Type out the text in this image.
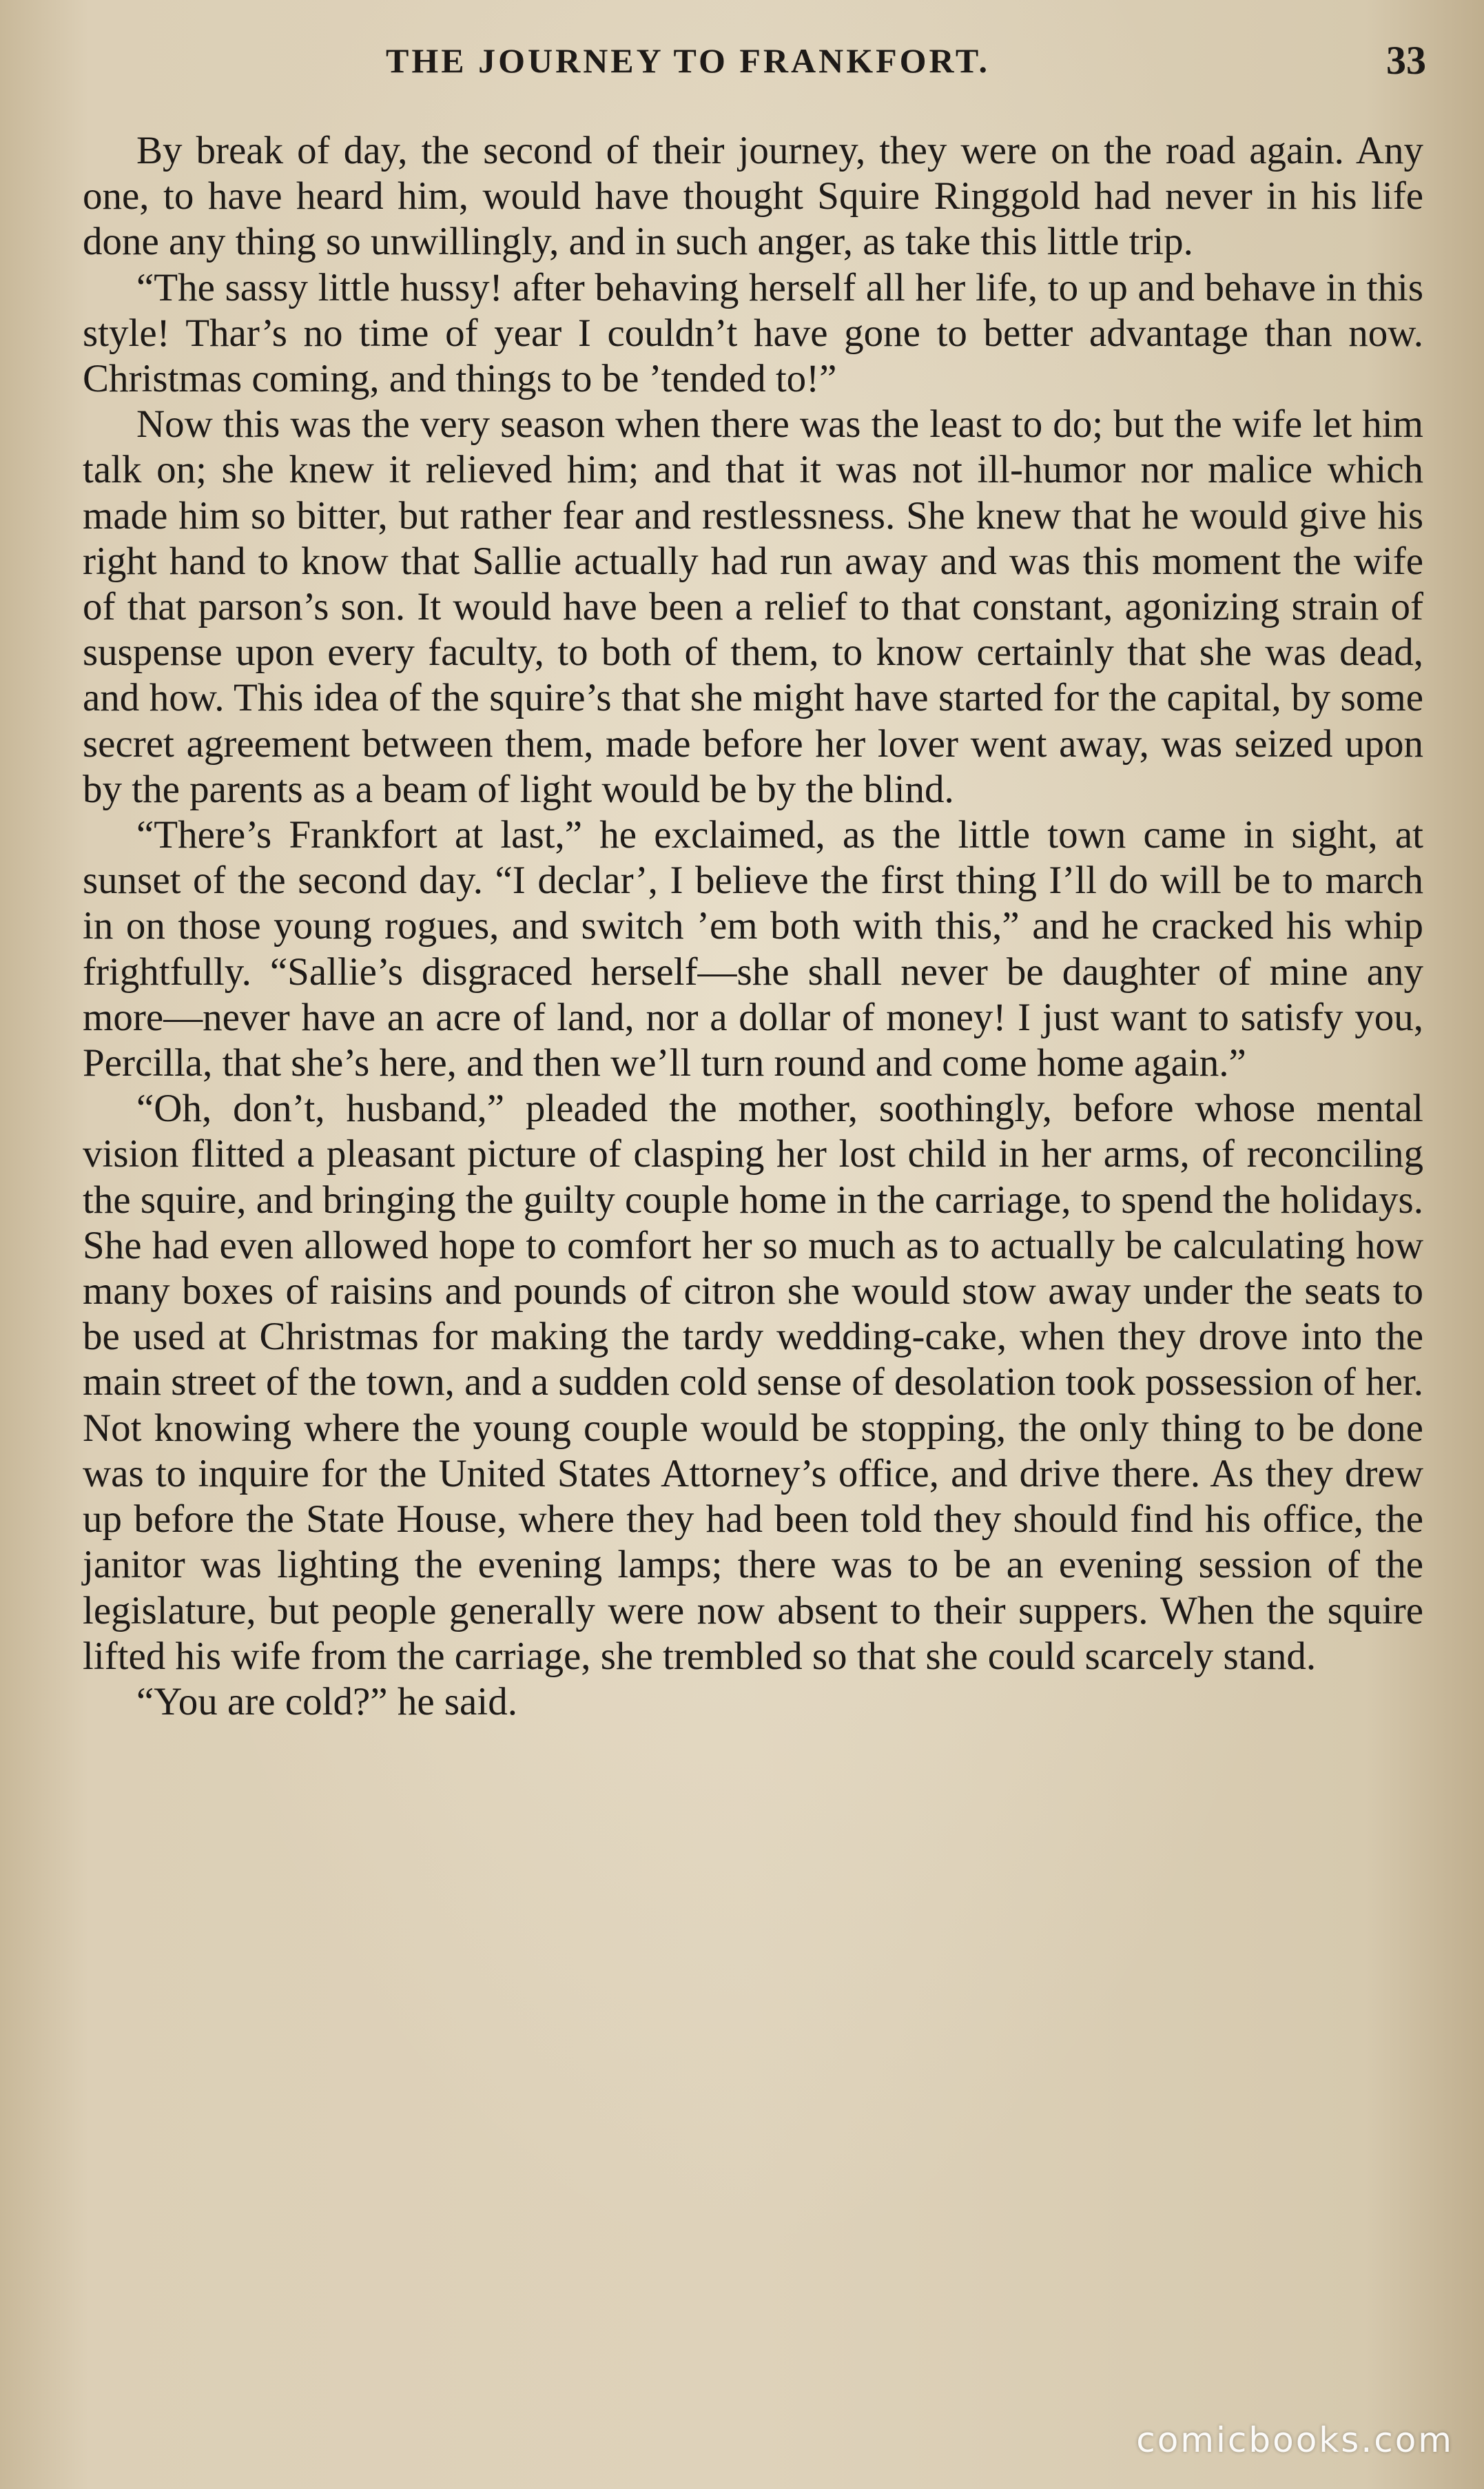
THE JOURNEY TO FRANKFORT.	33

By break of day, the second of their journey, they were on the road again. Any one, to have heard him, would have thought Squire Ringgold had never in his life done any thing so unwillingly, and in such anger, as take this little trip.

“The sassy little hussy! after behaving herself all her life, to up and behave in this style! Thar’s no time of year I couldn’t have gone to better advantage than now. Christmas coming, and things to be ’tended to!”

Now this was the very season when there was the least to do; but the wife let him talk on; she knew it relieved him; and that it was not ill-humor nor malice which made him so bitter, but rather fear and restlessness. She knew that he would give his right hand to know that Sallie actually had run away and was this moment the wife of that parson’s son. It would have been a relief to that constant, agonizing strain of suspense upon every faculty, to both of them, to know certainly that she was dead, and how. This idea of the squire’s that she might have started for the capital, by some secret agreement between them, made before her lover went away, was seized upon by the parents as a beam of light would be by the blind.

“There’s Frankfort at last,” he exclaimed, as the little town came in sight, at sunset of the second day. “I declar’, I believe the first thing I’ll do will be to march in on those young rogues, and switch ’em both with this,” and he cracked his whip frightfully. “Sallie’s disgraced herself—she shall never be daughter of mine any more—never have an acre of land, nor a dollar of money! I just want to satisfy you, Percilla, that she’s here, and then we’ll turn round and come home again.”

“Oh, don’t, husband,” pleaded the mother, soothingly, before whose mental vision flitted a pleasant picture of clasping her lost child in her arms, of reconciling the squire, and bringing the guilty couple home in the carriage, to spend the holidays. She had even allowed hope to comfort her so much as to actually be calculating how many boxes of raisins and pounds of citron she would stow away under the seats to be used at Christmas for making the tardy wedding-cake, when they drove into the main street of the town, and a sudden cold sense of desolation took possession of her. Not knowing where the young couple would be stopping, the only thing to be done was to inquire for the United States Attorney’s office, and drive there. As they drew up before the State House, where they had been told they should find his office, the janitor was lighting the evening lamps; there was to be an evening session of the legislature, but people generally were now absent to their suppers. When the squire lifted his wife from the carriage, she trembled so that she could scarcely stand.

“You are cold?” he said.

comicbooks.com
